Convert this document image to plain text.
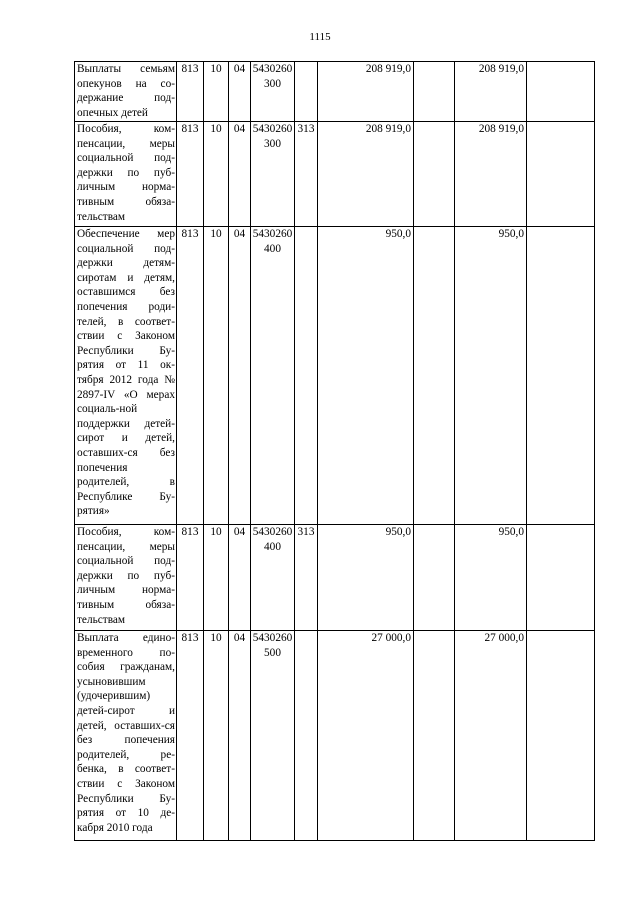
1115
Выплаты семьям опекунов на со-держание под-опечных детей	813	10	04	5430260300		208 919,0		208 919,0	
Пособия, ком-пенсации, меры социальной под-держки по пуб-личным норма-тивным обяза-тельствам	813	10	04	5430260300	313	208 919,0		208 919,0	
Обеспечение мер социальной под-держки детям-сиротам и детям, оставшимся без попечения роди-телей, в соответ-ствии с Законом Республики Бу-рятия от 11 ок-тября 2012 года № 2897-IV «О мерах социаль-ной поддержки детей-сирот и детей, оставших-ся без попечения родителей, в Республике Бу-рятия»	813	10	04	5430260400		950,0		950,0	
Пособия, ком-пенсации, меры социальной под-держки по пуб-личным норма-тивным обяза-тельствам	813	10	04	5430260400	313	950,0		950,0	
Выплата едино-временного по-собия гражданам, усыновившим (удочерившим) детей-сирот и детей, оставших-ся без попечения родителей, ре-бенка, в соответ-ствии с Законом Республики Бу-рятия от 10 де-кабря 2010 года	813	10	04	5430260500		27 000,0		27 000,0	
